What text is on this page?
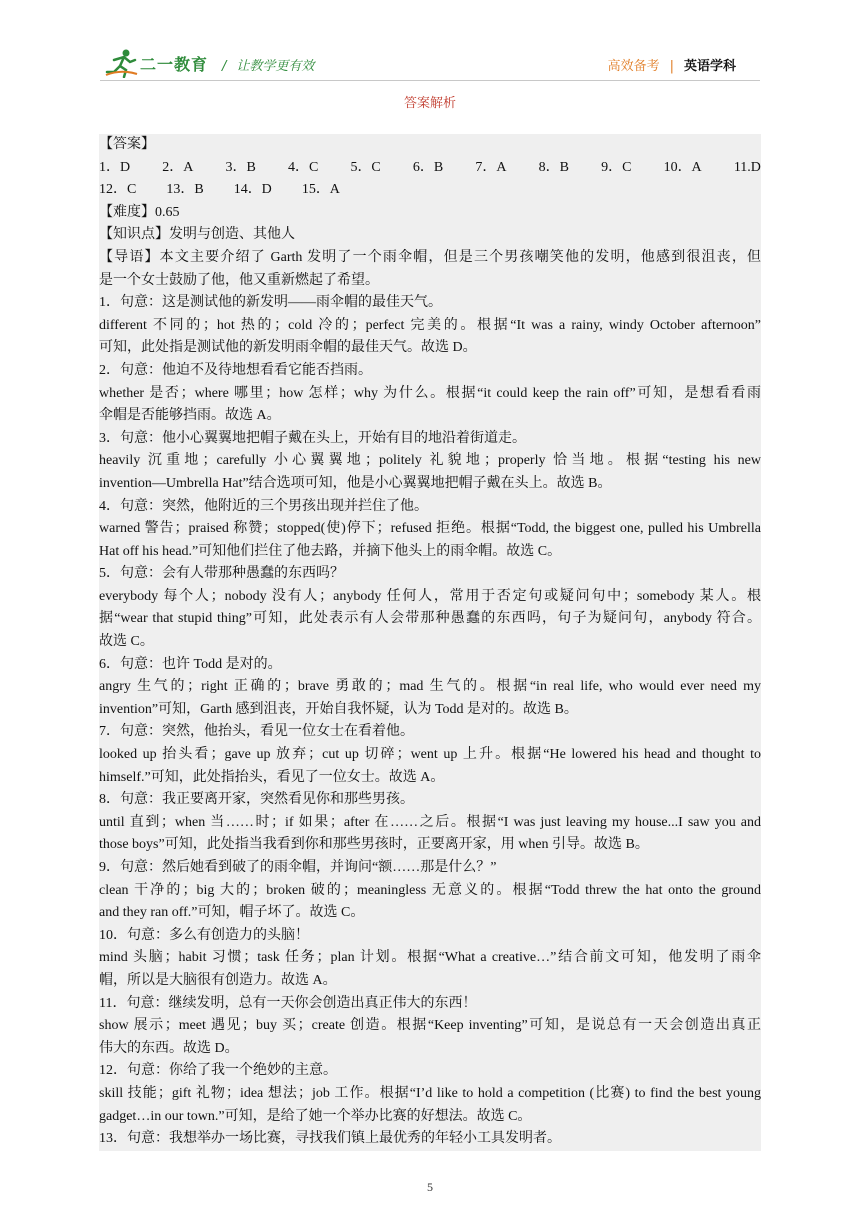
二一教育 / 让教学更有效	高效备考 | 英语学科
答案解析
【答案】
1．D 2．A 3．B 4．C 5．C 6．B 7．A 8．B 9．C 10．A 11.D
12．C 13．B 14．D 15．A
【难度】0.65
【知识点】发明与创造、其他人
【导语】本文主要介绍了 Garth 发明了一个雨伞帽，但是三个男孩嘲笑他的发明，他感到很沮丧，但
是一个女士鼓励了他，他又重新燃起了希望。
1．句意：这是测试他的新发明——雨伞帽的最佳天气。
different 不同的；hot 热的；cold 冷的；perfect 完美的。根据“It was a rainy, windy October afternoon”
可知，此处指是测试他的新发明雨伞帽的最佳天气。故选 D。
2．句意：他迫不及待地想看看它能否挡雨。
whether 是否；where 哪里；how 怎样；why 为什么。根据“it could keep the rain off”可知，是想看看雨
伞帽是否能够挡雨。故选 A。
3．句意：他小心翼翼地把帽子戴在头上，开始有目的地沿着街道走。
heavily 沉重地；carefully 小心翼翼地；politely 礼貌地；properly 恰当地。根据“testing his new
invention—Umbrella Hat”结合选项可知，他是小心翼翼地把帽子戴在头上。故选 B。
4．句意：突然，他附近的三个男孩出现并拦住了他。
warned 警告；praised 称赞；stopped(使)停下；refused 拒绝。根据“Todd, the biggest one, pulled his Umbrella
Hat off his head.”可知他们拦住了他去路，并摘下他头上的雨伞帽。故选 C。
5．句意：会有人带那种愚蠢的东西吗？
everybody 每个人；nobody 没有人；anybody 任何人，常用于否定句或疑问句中；somebody 某人。根
据“wear that stupid thing”可知，此处表示有人会带那种愚蠢的东西吗，句子为疑问句，anybody 符合。
故选 C。
6．句意：也许 Todd 是对的。
angry 生气的；right 正确的；brave 勇敢的；mad 生气的。根据“in real life, who would ever need my
invention”可知，Garth 感到沮丧，开始自我怀疑，认为 Todd 是对的。故选 B。
7．句意：突然，他抬头，看见一位女士在看着他。
looked up 抬头看；gave up 放弃；cut up 切碎；went up 上升。根据“He lowered his head and thought to
himself.”可知，此处指抬头，看见了一位女士。故选 A。
8．句意：我正要离开家，突然看见你和那些男孩。
until 直到；when 当……时；if 如果；after 在……之后。根据“I was just leaving my house...I saw you and
those boys”可知，此处指当我看到你和那些男孩时，正要离开家，用 when 引导。故选 B。
9．句意：然后她看到破了的雨伞帽，并询问“额……那是什么？”
clean 干净的；big 大的；broken 破的；meaningless 无意义的。根据“Todd threw the hat onto the ground
and they ran off.”可知，帽子坏了。故选 C。
10．句意：多么有创造力的头脑！
mind 头脑；habit 习惯；task 任务；plan 计划。根据“What a creative…”结合前文可知，他发明了雨伞
帽，所以是大脑很有创造力。故选 A。
11．句意：继续发明，总有一天你会创造出真正伟大的东西！
show 展示；meet 遇见；buy 买；create 创造。根据“Keep inventing”可知，是说总有一天会创造出真正
伟大的东西。故选 D。
12．句意：你给了我一个绝妙的主意。
skill 技能；gift 礼物；idea 想法；job 工作。根据“I’d like to hold a competition (比赛) to find the best young
gadget…in our town.”可知，是给了她一个举办比赛的好想法。故选 C。
13．句意：我想举办一场比赛，寻找我们镇上最优秀的年轻小工具发明者。
5
